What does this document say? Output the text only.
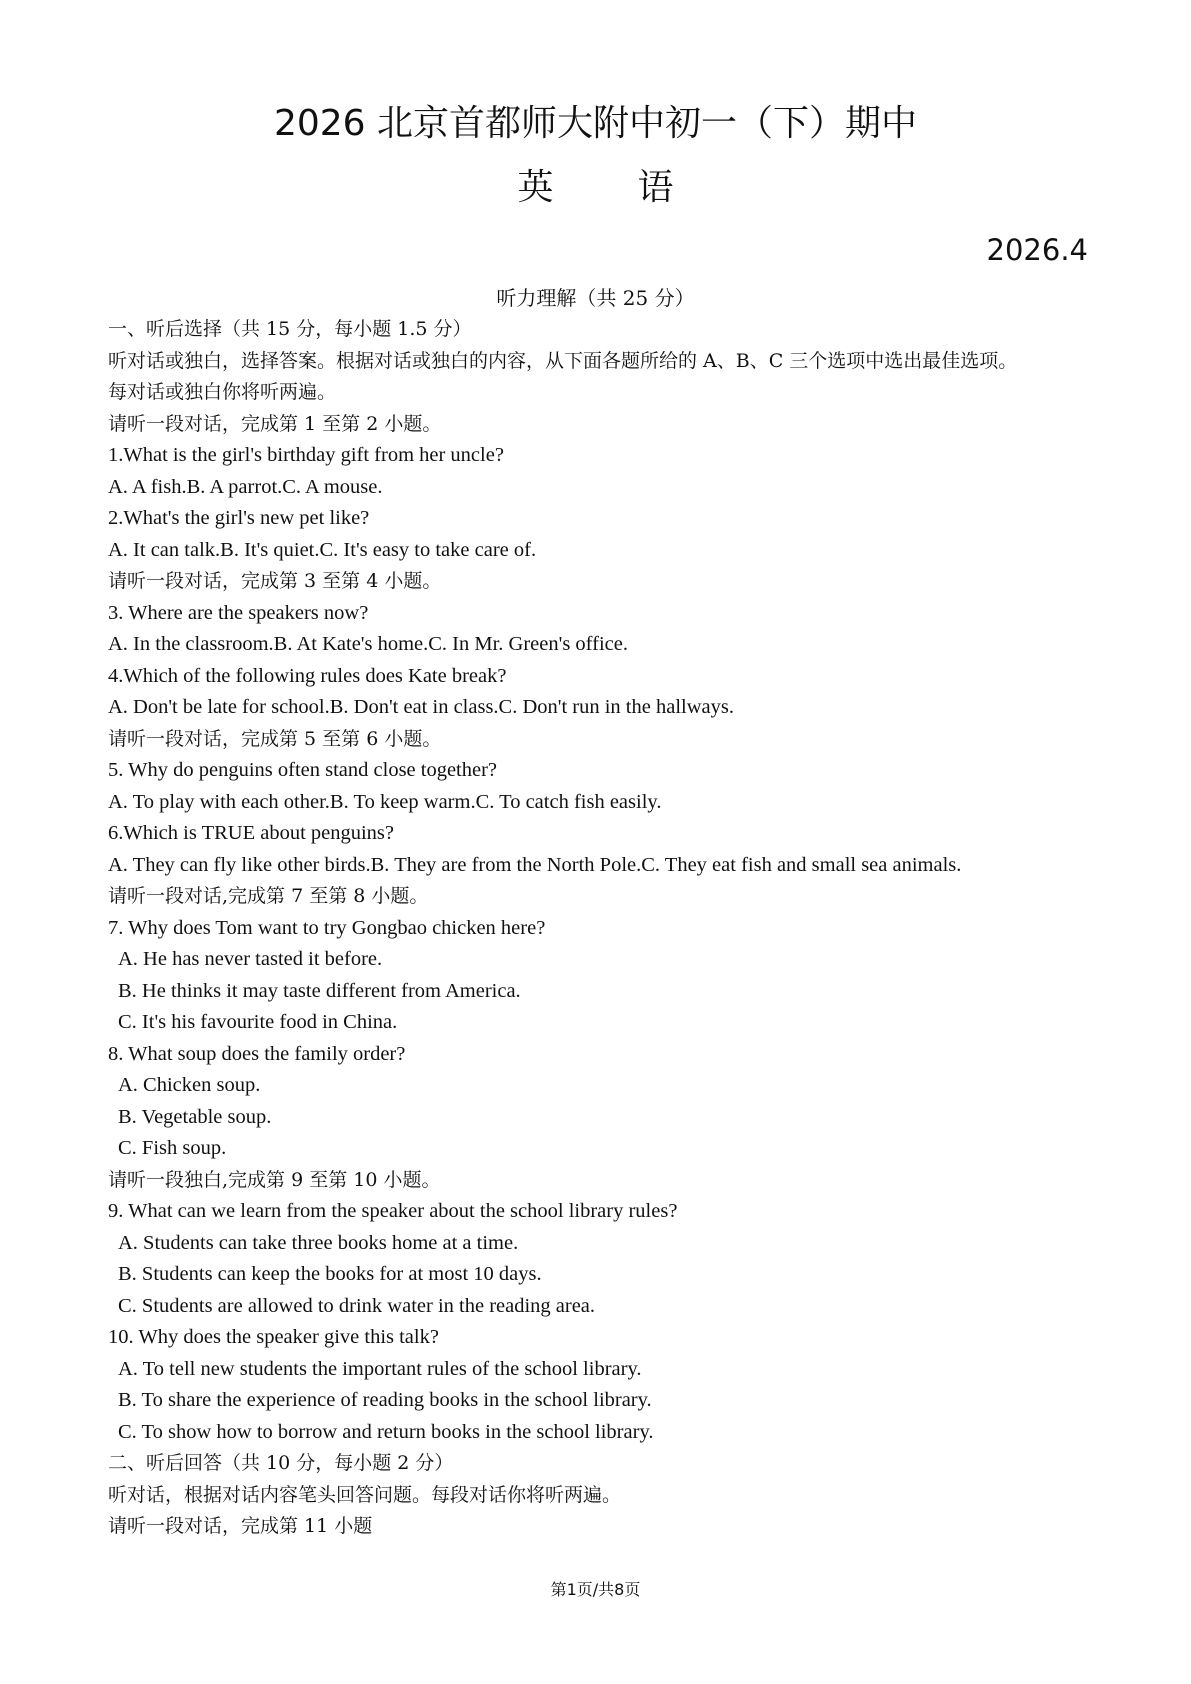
2026 北京首都师大附中初一（下）期中
英 语
2026.4
听力理解（共 25 分）
一、听后选择（共 15 分，每小题 1.5 分）
听对话或独白，选择答案。根据对话或独白的内容，从下面各题所给的 A、B、C 三个选项中选出最佳选项。
每对话或独白你将听两遍。
请听一段对话，完成第 1 至第 2 小题。
1.What is the girl's birthday gift from her uncle?
A. A fish.B. A parrot.C. A mouse.
2.What's the girl's new pet like?
A. It can talk.B. It's quiet.C. It's easy to take care of.
请听一段对话，完成第 3 至第 4 小题。
3. Where are the speakers now?
A. In the classroom.B. At Kate's home.C. In Mr. Green's office.
4.Which of the following rules does Kate break?
A. Don't be late for school.B. Don't eat in class.C. Don't run in the hallways.
请听一段对话，完成第 5 至第 6 小题。
5. Why do penguins often stand close together?
A. To play with each other.B. To keep warm.C. To catch fish easily.
6.Which is TRUE about penguins?
A. They can fly like other birds.B. They are from the North Pole.C. They eat fish and small sea animals.
请听一段对话,完成第 7 至第 8 小题。
7. Why does Tom want to try Gongbao chicken here?
A. He has never tasted it before.
B. He thinks it may taste different from America.
C. It's his favourite food in China.
8. What soup does the family order?
A. Chicken soup.
B. Vegetable soup.
C. Fish soup.
请听一段独白,完成第 9 至第 10 小题。
9. What can we learn from the speaker about the school library rules?
A. Students can take three books home at a time.
B. Students can keep the books for at most 10 days.
C. Students are allowed to drink water in the reading area.
10. Why does the speaker give this talk?
A. To tell new students the important rules of the school library.
B. To share the experience of reading books in the school library.
C. To show how to borrow and return books in the school library.
二、听后回答（共 10 分，每小题 2 分）
听对话，根据对话内容笔头回答问题。每段对话你将听两遍。
请听一段对话，完成第 11 小题
第1页/共8页
